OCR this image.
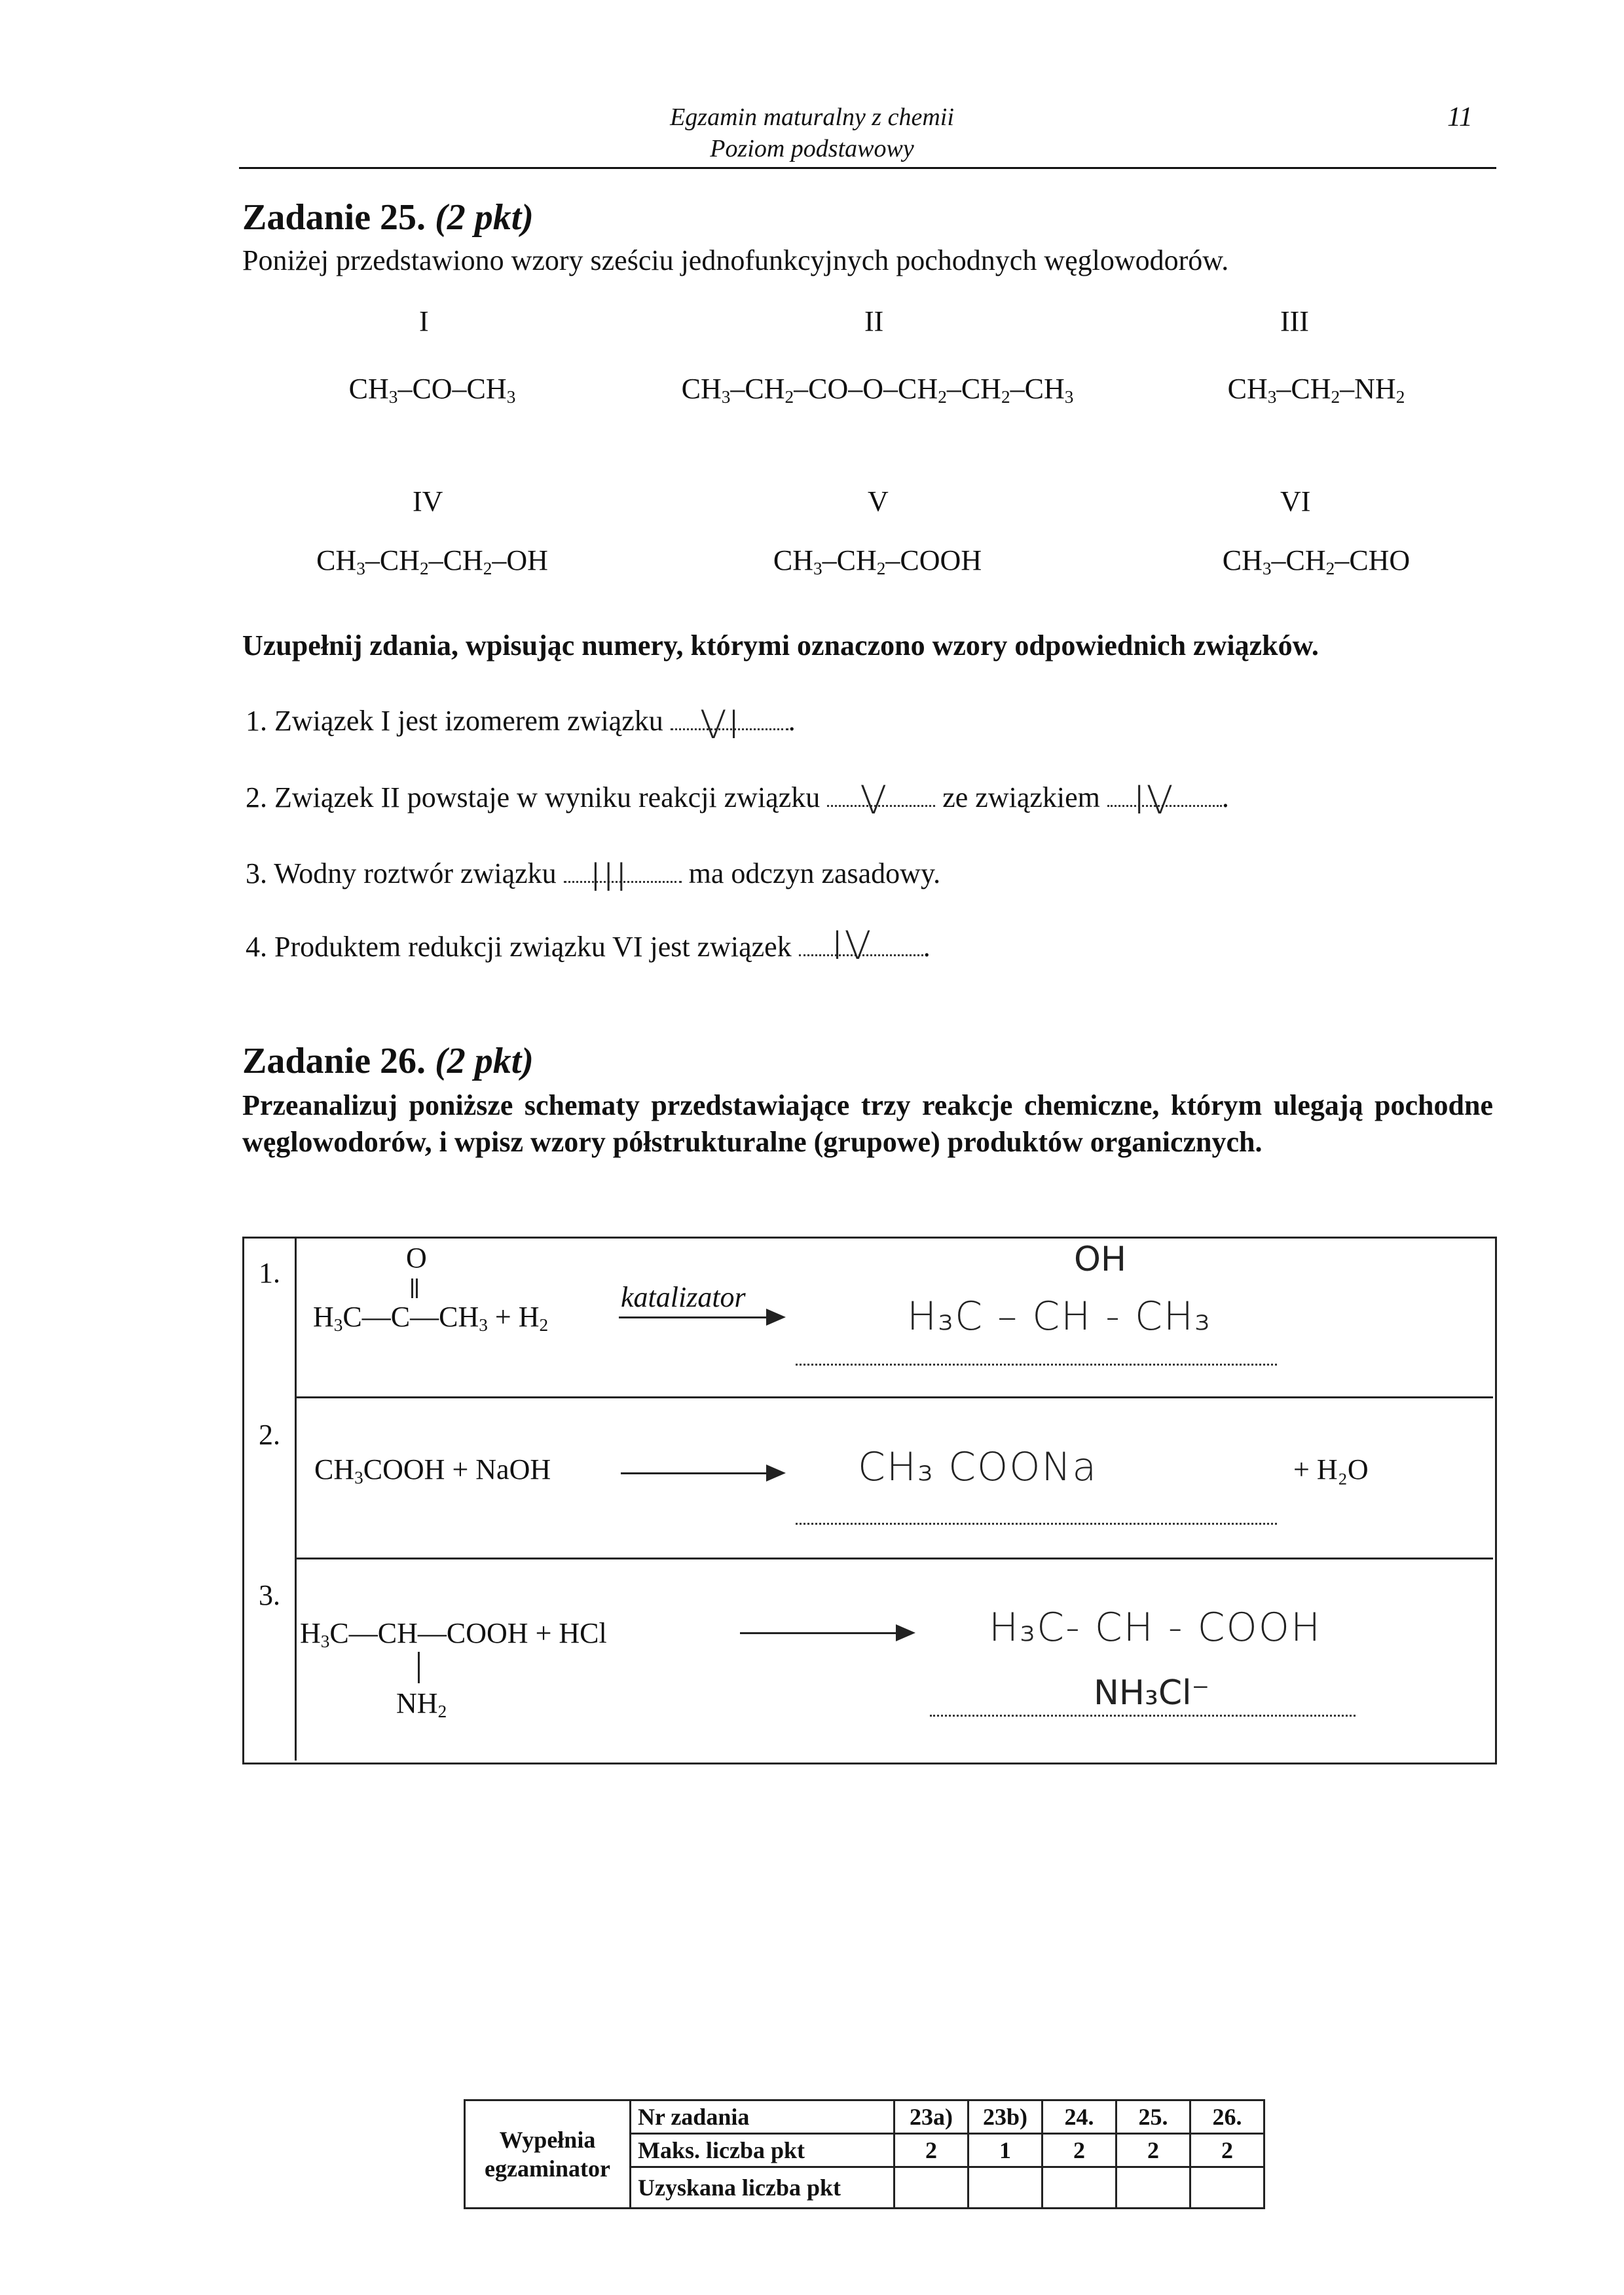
Egzamin maturalny z chemii
Poziom podstawowy
11
Zadanie 25. (2 pkt)
Poniżej przedstawiono wzory sześciu jednofunkcyjnych pochodnych węglowodorów.
I	II	III
$CH_3-CO-CH_3$	$CH_3-CH_2-CO-O-CH_2-CH_2-CH_3$	$CH_3-CH_2-NH_2$
IV	V	VI
$CH_3-CH_2-CH_2-OH$	$CH_3-CH_2$–COOH	$CH_3-CH_2$–CHO
Uzupełnij zdania, wpisując numery, którymi oznaczono wzory odpowiednich związków.
1. Związek I jest izomerem związku VI .
2. Związek II powstaje w wyniku reakcji związku V ze związkiem IV .
3. Wodny roztwór związku III ma odczyn zasadowy.
4. Produktem redukcji związku VI jest związek IV .
Zadanie 26. (2 pkt)
Przeanalizuj poniższe schematy przedstawiające trzy reakcje chemiczne, którym ulegają pochodne węglowodorów, i wpisz wzory półstrukturalne (grupowe) produktów organicznych.
1.	O
$H_3C—C—CH_3 + H_2$
katalizator
OH
H₃C – CH - CH₃
2.
$CH_3COOH$ + NaOH	CH₃ COONa	+ H₂O
3.
$H_3C—CH—COOH$ + HCl
$NH_2$
H₃C- CH - COOH
NH₃Cl⁻
Wypełnia
egzaminator	Nr zadania	23a)	23b)	24.	25.	26.
	Maks. liczba pkt	2	1	2	2	2
	Uzyskana liczba pkt					
